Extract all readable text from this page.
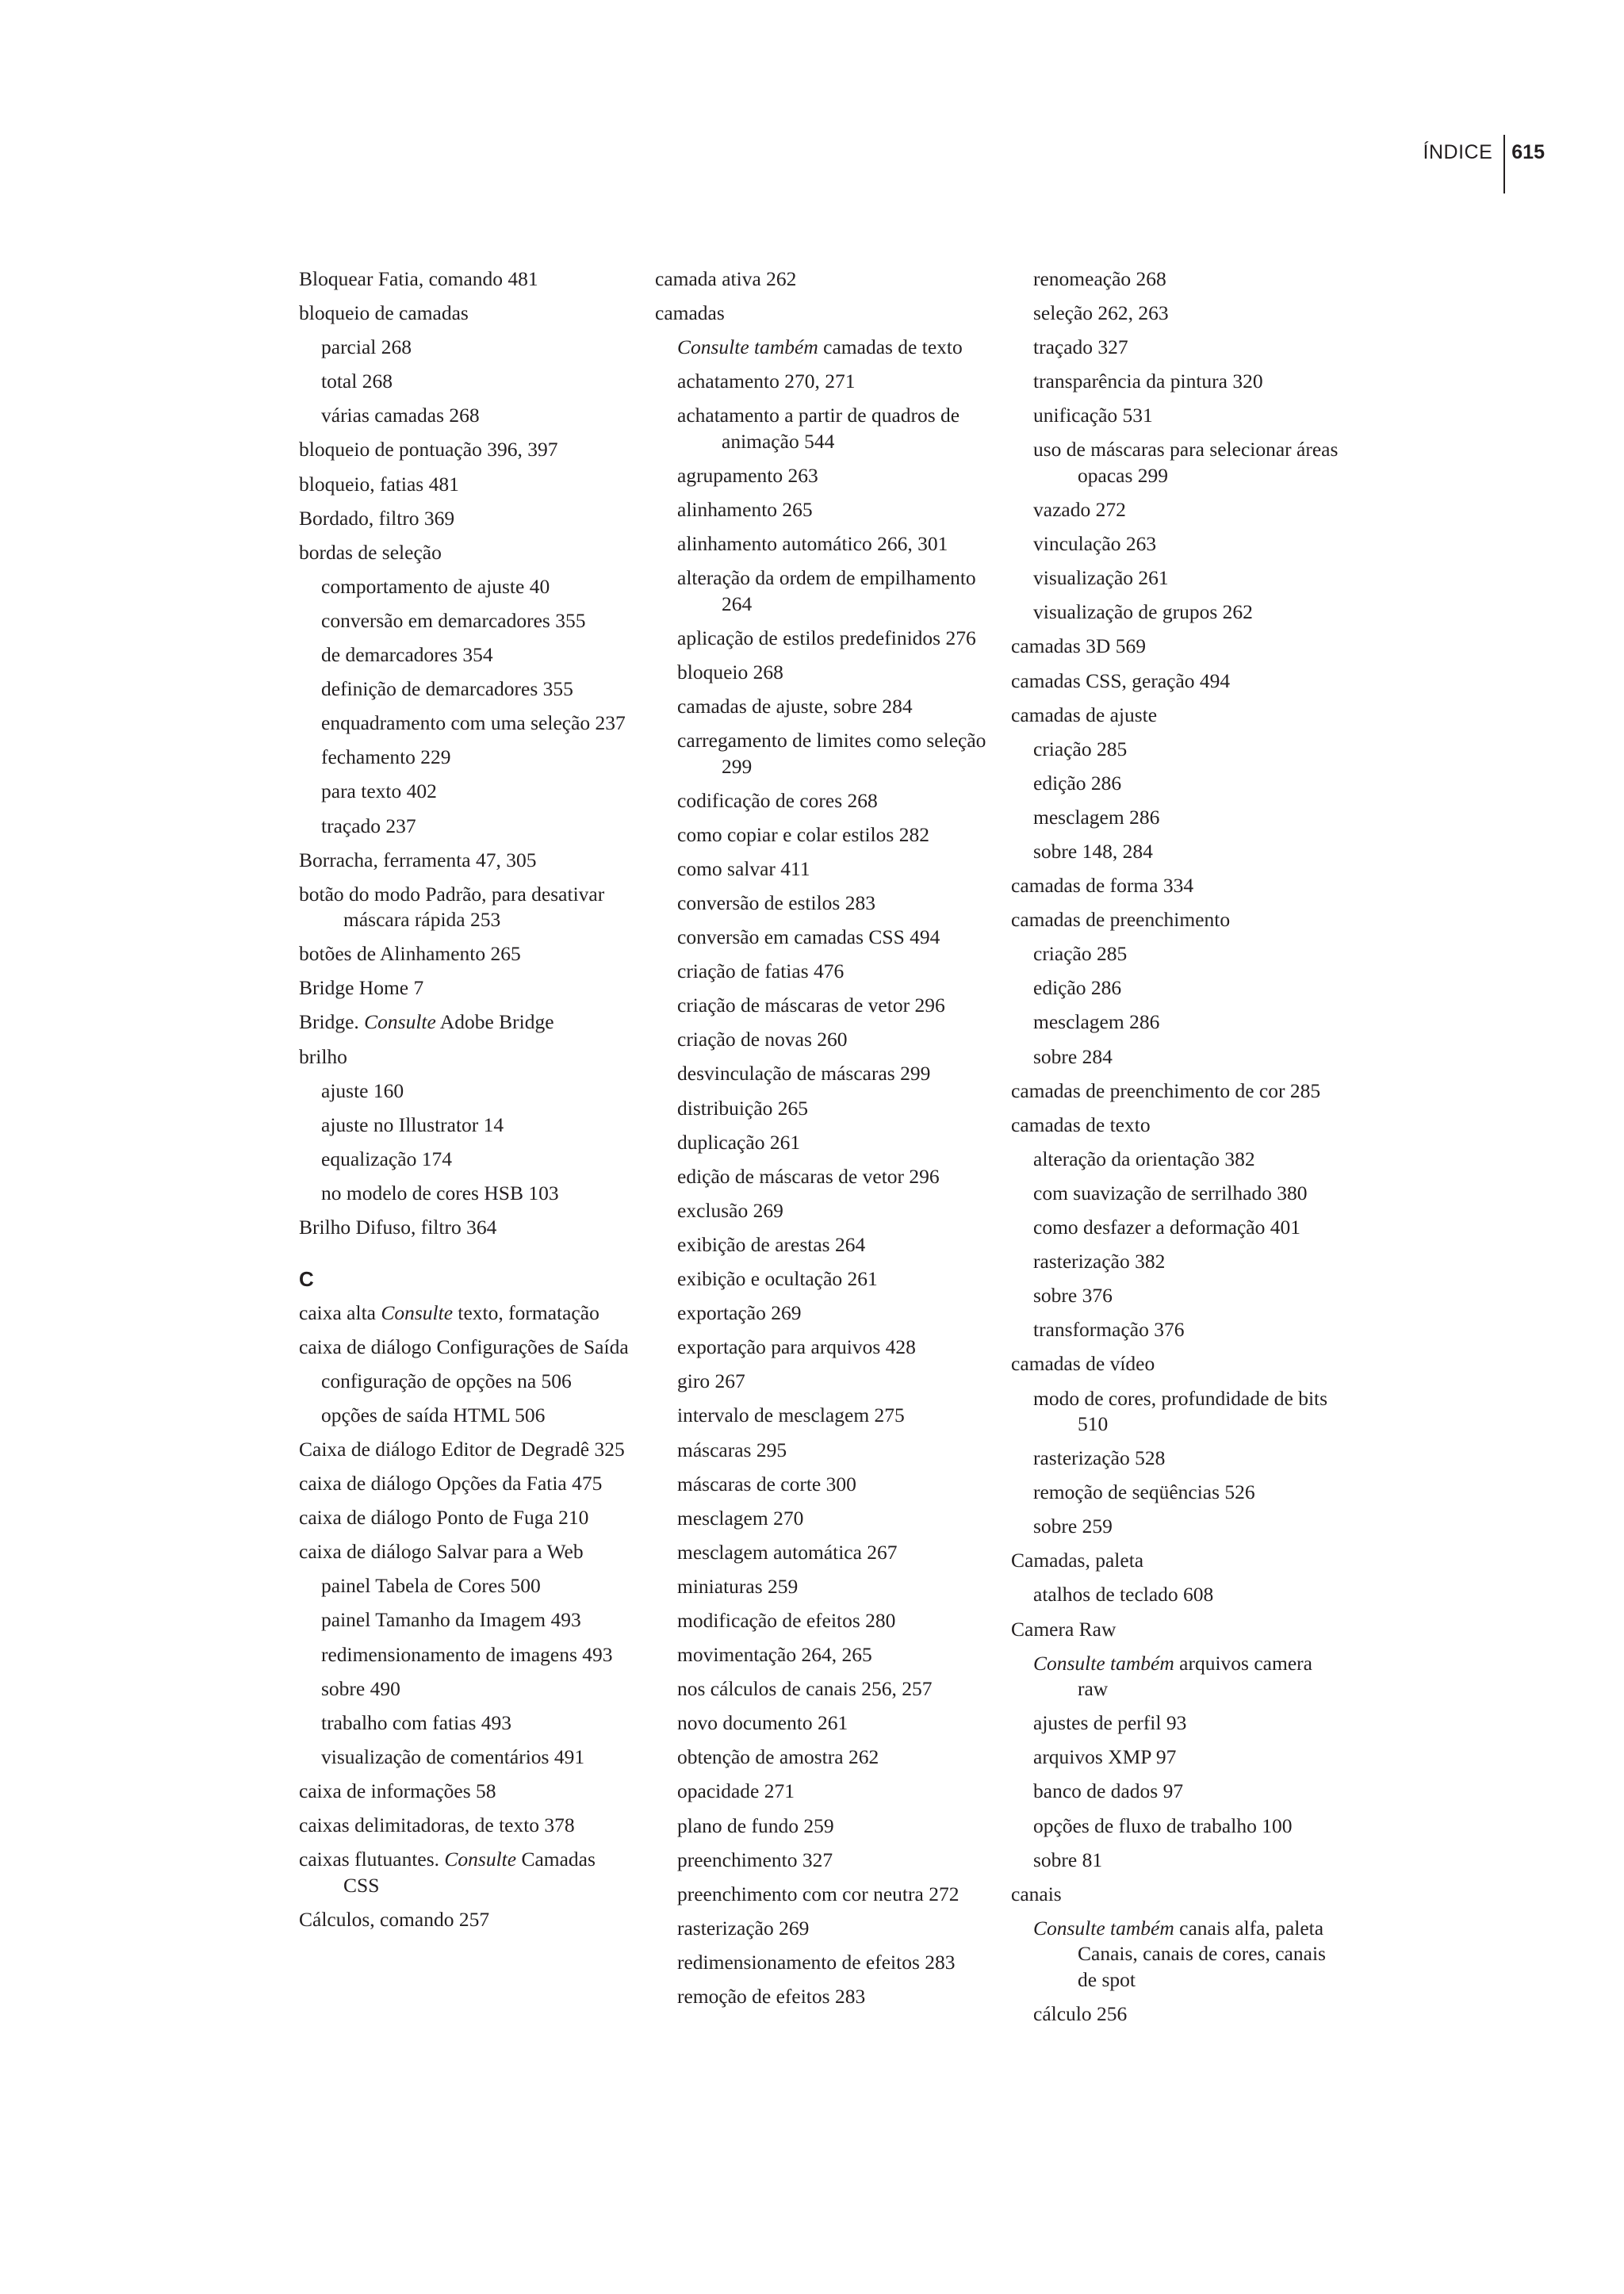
ÍNDICE 615
Bloquear Fatia, comando 481
bloqueio de camadas
parcial 268
total 268
várias camadas 268
bloqueio de pontuação 396, 397
bloqueio, fatias 481
Bordado, filtro 369
bordas de seleção
comportamento de ajuste 40
conversão em demarcadores 355
de demarcadores 354
definição de demarcadores 355
enquadramento com uma seleção 237
fechamento 229
para texto 402
traçado 237
Borracha, ferramenta 47, 305
botão do modo Padrão, para desativar máscara rápida 253
botões de Alinhamento 265
Bridge Home 7
Bridge. Consulte Adobe Bridge
brilho
ajuste 160
ajuste no Illustrator 14
equalização 174
no modelo de cores HSB 103
Brilho Difuso, filtro 364
C
caixa alta Consulte texto, formatação
caixa de diálogo Configurações de Saída
configuração de opções na 506
opções de saída HTML 506
Caixa de diálogo Editor de Degradê 325
caixa de diálogo Opções da Fatia 475
caixa de diálogo Ponto de Fuga 210
caixa de diálogo Salvar para a Web
painel Tabela de Cores 500
painel Tamanho da Imagem 493
redimensionamento de imagens 493
sobre 490
trabalho com fatias 493
visualização de comentários 491
caixa de informações 58
caixas delimitadoras, de texto 378
caixas flutuantes. Consulte Camadas CSS
Cálculos, comando 257
camada ativa 262
camadas
Consulte também camadas de texto
achatamento 270, 271
achatamento a partir de quadros de animação 544
agrupamento 263
alinhamento 265
alinhamento automático 266, 301
alteração da ordem de empilhamento 264
aplicação de estilos predefinidos 276
bloqueio 268
camadas de ajuste, sobre 284
carregamento de limites como seleção 299
codificação de cores 268
como copiar e colar estilos 282
como salvar 411
conversão de estilos 283
conversão em camadas CSS 494
criação de fatias 476
criação de máscaras de vetor 296
criação de novas 260
desvinculação de máscaras 299
distribuição 265
duplicação 261
edição de máscaras de vetor 296
exclusão 269
exibição de arestas 264
exibição e ocultação 261
exportação 269
exportação para arquivos 428
giro 267
intervalo de mesclagem 275
máscaras 295
máscaras de corte 300
mesclagem 270
mesclagem automática 267
miniaturas 259
modificação de efeitos 280
movimentação 264, 265
nos cálculos de canais 256, 257
novo documento 261
obtenção de amostra 262
opacidade 271
plano de fundo 259
preenchimento 327
preenchimento com cor neutra 272
rasterização 269
redimensionamento de efeitos 283
remoção de efeitos 283
renomeação 268
seleção 262, 263
traçado 327
transparência da pintura 320
unificação 531
uso de máscaras para selecionar áreas opacas 299
vazado 272
vinculação 263
visualização 261
visualização de grupos 262
camadas 3D 569
camadas CSS, geração 494
camadas de ajuste
criação 285
edição 286
mesclagem 286
sobre 148, 284
camadas de forma 334
camadas de preenchimento
criação 285
edição 286
mesclagem 286
sobre 284
camadas de preenchimento de cor 285
camadas de texto
alteração da orientação 382
com suavização de serrilhado 380
como desfazer a deformação 401
rasterização 382
sobre 376
transformação 376
camadas de vídeo
modo de cores, profundidade de bits 510
rasterização 528
remoção de seqüências 526
sobre 259
Camadas, paleta
atalhos de teclado 608
Camera Raw
Consulte também arquivos camera raw
ajustes de perfil 93
arquivos XMP 97
banco de dados 97
opções de fluxo de trabalho 100
sobre 81
canais
Consulte também canais alfa, paleta Canais, canais de cores, canais de spot
cálculo 256
